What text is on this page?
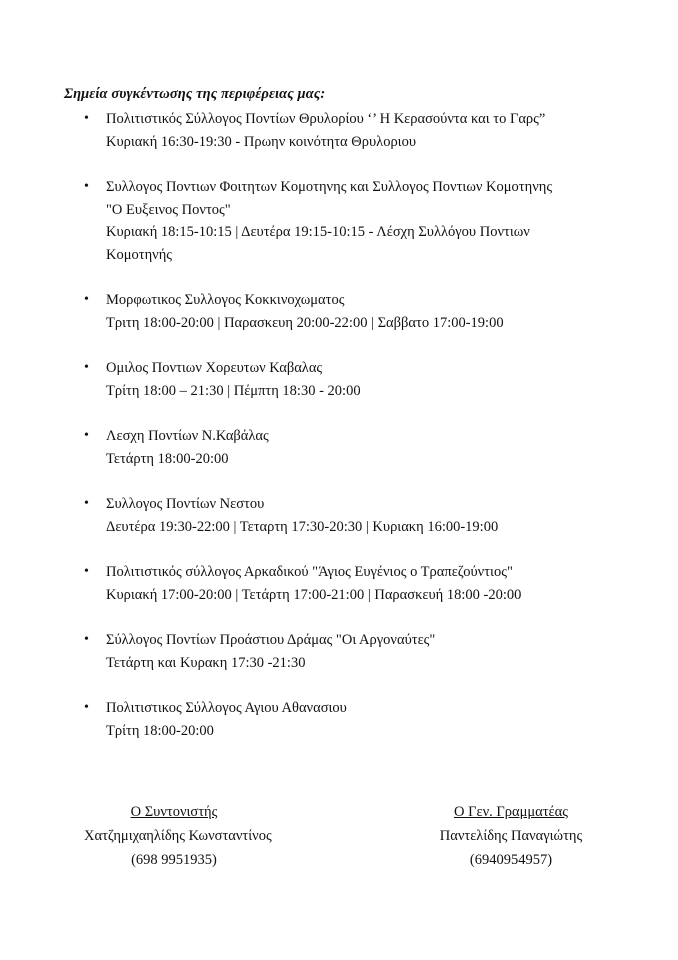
Σημεία συγκέντωσης της περιφέρειας μας:
• Πολιτιστικός Σύλλογος Ποντίων Θρυλορίου ‘’ Η Κερασούντα και το Γαρς”
Κυριακή 16:30-19:30 - Πρωην κοινότητα Θρυλοριου
• Συλλογος Ποντιων Φοιτητων Κομοτηνης και Συλλογος Ποντιων Κομοτηνης
"Ο Ευξεινος Ποντος"
Κυριακή 18:15-10:15 | Δευτέρα 19:15-10:15 - Λέσχη Συλλόγου Ποντιων
Κομοτηνής
• Μορφωτικος Συλλογος Κοκκινοχωματος
Τριτη 18:00-20:00 | Παρασκευη 20:00-22:00 | Σαββατο 17:00-19:00
• Ομιλος Ποντιων Χορευτων Καβαλας
Τρίτη 18:00 – 21:30 | Πέμπτη 18:30 - 20:00
• Λεσχη Ποντίων Ν.Καβάλας
Τετάρτη 18:00-20:00
• Συλλογος Ποντίων Νεστου
Δευτέρα 19:30-22:00 | Τεταρτη 17:30-20:30 | Κυριακη 16:00-19:00
• Πολιτιστικός σύλλογος Αρκαδικού "Άγιος Ευγένιος ο Τραπεζούντιος"
Κυριακή 17:00-20:00 | Τετάρτη 17:00-21:00 | Παρασκευή 18:00 -20:00
• Σύλλογος Ποντίων Προάστιου Δράμας "Οι Αργοναύτες"
Τετάρτη και Κυρακη 17:30 -21:30
• Πολιτιστικος Σύλλογος Αγιου Αθανασιου
Τρίτη 18:00-20:00
Ο Συντονιστής
Χατζημιχαηλίδης Κωνσταντίνος
(698 9951935)
Ο Γεν. Γραμματέας
Παντελίδης Παναγιώτης
(6940954957)
